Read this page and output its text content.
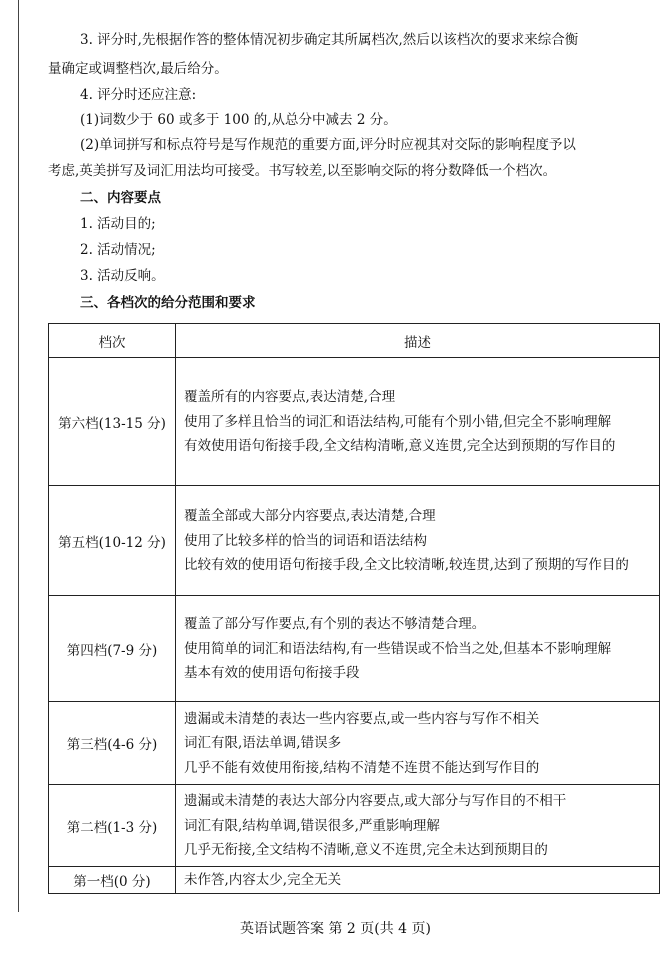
3. 评分时,先根据作答的整体情况初步确定其所属档次,然后以该档次的要求来综合衡
量确定或调整档次,最后给分。
4. 评分时还应注意:
(1)词数少于 60 或多于 100 的,从总分中减去 2 分。
(2)单词拼写和标点符号是写作规范的重要方面,评分时应视其对交际的影响程度予以
考虑,英美拼写及词汇用法均可接受。书写较差,以至影响交际的将分数降低一个档次。
二、内容要点
1. 活动目的;
2. 活动情况;
3. 活动反响。
三、各档次的给分范围和要求
档次	描述
第六档(13-15 分)	覆盖所有的内容要点,表达清楚,合理
使用了多样且恰当的词汇和语法结构,可能有个别小错,但完全不影响理解
有效使用语句衔接手段,全文结构清晰,意义连贯,完全达到预期的写作目的

第五档(10-12 分)	覆盖全部或大部分内容要点,表达清楚,合理
使用了比较多样的恰当的词语和语法结构
比较有效的使用语句衔接手段,全文比较清晰,较连贯,达到了预期的写作目的

第四档(7-9 分)	覆盖了部分写作要点,有个别的表达不够清楚合理。
使用简单的词汇和语法结构,有一些错误或不恰当之处,但基本不影响理解
基本有效的使用语句衔接手段

第三档(4-6 分)	遗漏或未清楚的表达一些内容要点,或一些内容与写作不相关
词汇有限,语法单调,错误多
几乎不能有效使用衔接,结构不清楚不连贯不能达到写作目的

第二档(1-3 分)	遗漏或未清楚的表达大部分内容要点,或大部分与写作目的不相干
词汇有限,结构单调,错误很多,严重影响理解
几乎无衔接,全文结构不清晰,意义不连贯,完全未达到预期目的

第一档(0 分)	未作答,内容太少,完全无关
英语试题答案 第 2 页(共 4 页)
